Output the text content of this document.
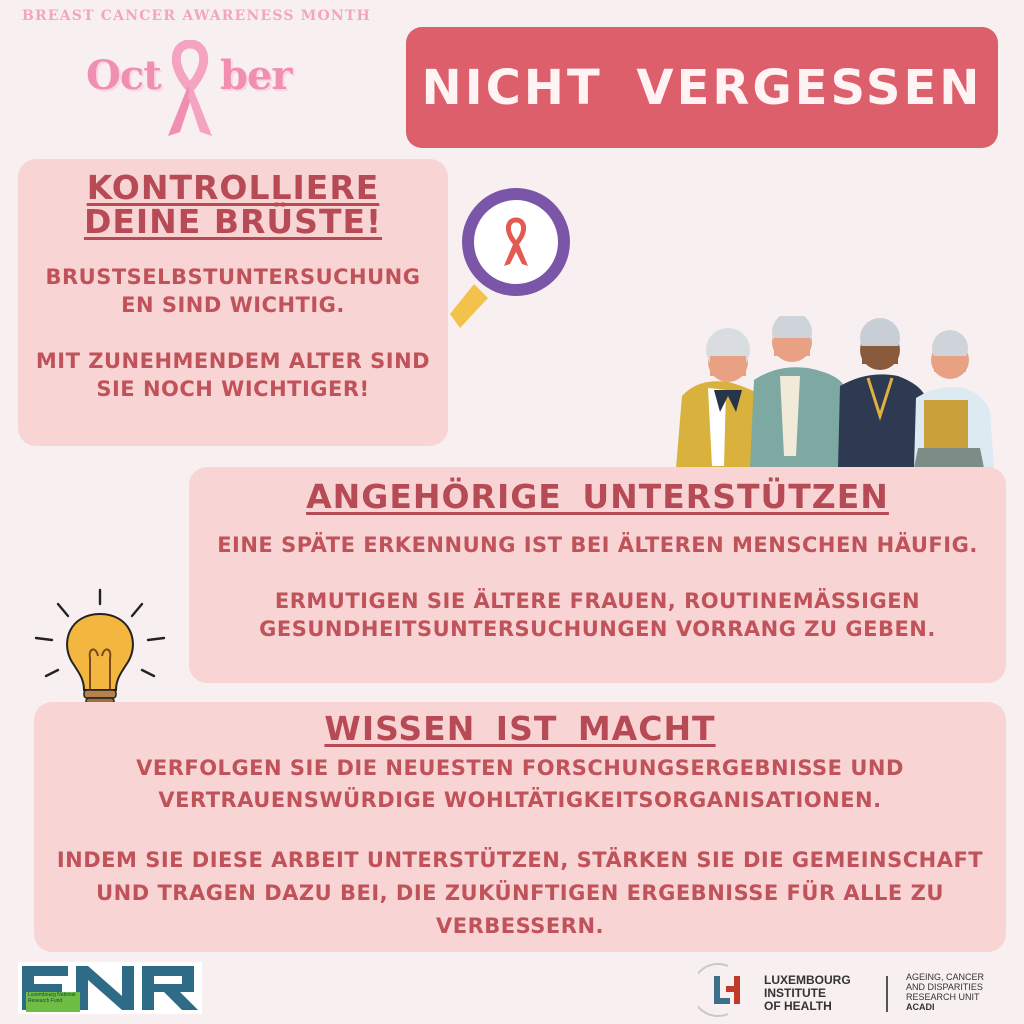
BREAST CANCER AWARENESS MONTH
Oct ber	NICHT VERGESSEN
KONTROLLIERE
DEINE BRÜSTE!

BRUSTSELBSTUNTERSUCHUNG EN SIND WICHTIG.

MIT ZUNEHMENDEM ALTER SIND SIE NOCH WICHTIGER!

ANGEHÖRIGE UNTERSTÜTZEN

EINE SPÄTE ERKENNUNG IST BEI ÄLTEREN MENSCHEN HÄUFIG.

ERMUTIGEN SIE ÄLTERE FRAUEN, ROUTINEMÄSSIGEN GESUNDHEITSUNTERSUCHUNGEN VORRANG ZU GEBEN.

WISSEN IST MACHT

VERFOLGEN SIE DIE NEUESTEN FORSCHUNGSERGEBNISSE UND VERTRAUENSWÜRDIGE WOHLTÄTIGKEITSORGANISATIONEN.

INDEM SIE DIESE ARBEIT UNTERSTÜTZEN, STÄRKEN SIE DIE GEMEINSCHAFT UND TRAGEN DAZU BEI, DIE ZUKÜNFTIGEN ERGEBNISSE FÜR ALLE ZU VERBESSERN.

Luxembourg National Research Fund
LUXEMBOURG
INSTITUTE
OF HEALTH
AGEING, CANCER
AND DISPARITIES
RESEARCH UNIT
ACADI
